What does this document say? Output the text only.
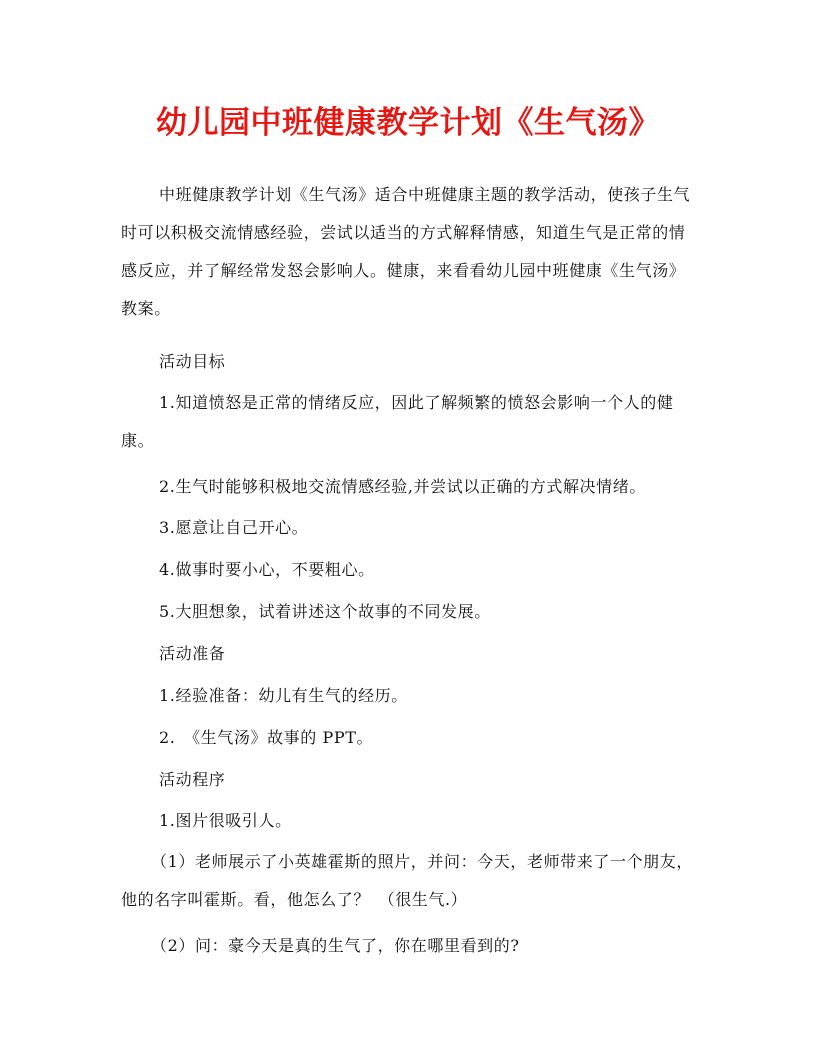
幼儿园中班健康教学计划《生气汤》
中班健康教学计划《生气汤》适合中班健康主题的教学活动，使孩子生气时可以积极交流情感经验，尝试以适当的方式解释情感，知道生气是正常的情感反应，并了解经常发怒会影响人。健康，来看看幼儿园中班健康《生气汤》教案。
活动目标
1.知道愤怒是正常的情绪反应，因此了解频繁的愤怒会影响一个人的健康。
2.生气时能够积极地交流情感经验,并尝试以正确的方式解决情绪。
3.愿意让自己开心。
4.做事时要小心，不要粗心。
5.大胆想象，试着讲述这个故事的不同发展。
活动准备
1.经验准备：幼儿有生气的经历。
2.　《生气汤》故事的 PPT。
活动程序
1.图片很吸引人。
（1）老师展示了小英雄霍斯的照片，并问：今天，老师带来了一个朋友，他的名字叫霍斯。看，他怎么了？　（很生气.）
（2）问：豪今天是真的生气了，你在哪里看到的?
